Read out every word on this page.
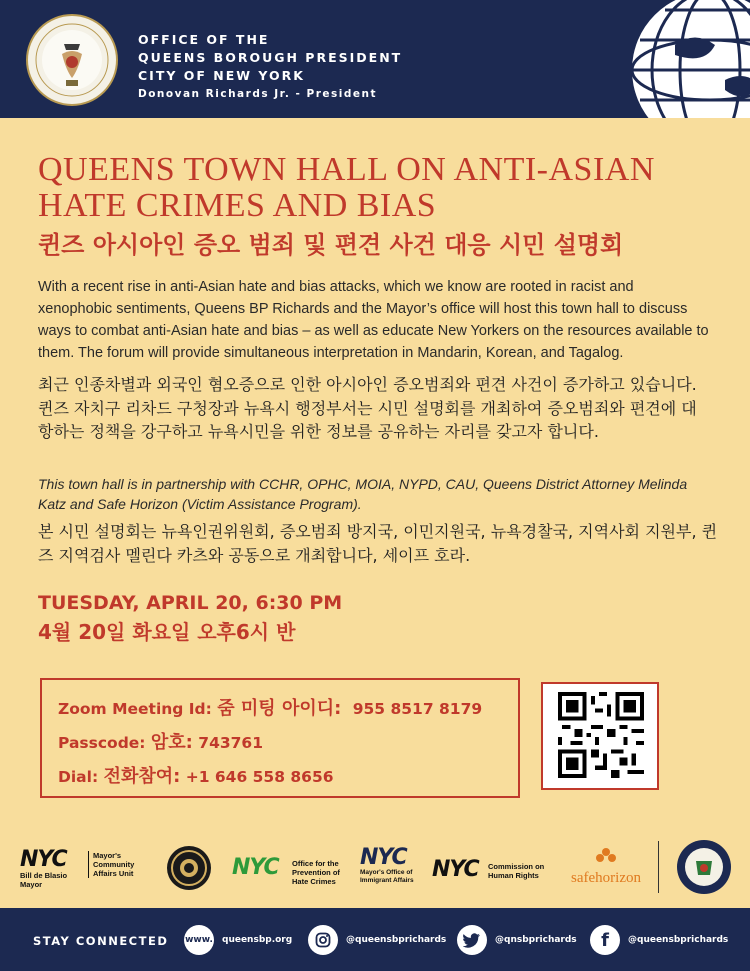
OFFICE OF THE
QUEENS BOROUGH PRESIDENT
CITY OF NEW YORK
Donovan Richards Jr. - President
QUEENS TOWN HALL ON ANTI-ASIAN HATE CRIMES AND BIAS
퀸즈 아시아인 증오 범죄 및 편견 사건 대응 시민 설명회
With a recent rise in anti-Asian hate and bias attacks, which we know are rooted in racist and xenophobic sentiments, Queens BP Richards and the Mayor’s office will host this town hall to discuss ways to combat anti-Asian hate and bias – as well as educate New Yorkers on the resources available to them. The forum will provide simultaneous interpretation in Mandarin, Korean, and Tagalog.
최근 인종차별과 외국인 혐오증으로 인한 아시아인 증오범죄와 편견 사건이 증가하고 있습니다. 퀸즈 자치구 리차드 구청장과 뉴욕시 행정부서는 시민 설명회를 개최하여 증오범죄와 편견에 대항하는 정책을 강구하고 뉴욕시민을 위한 정보를 공유하는 자리를 갖고자 합니다.
This town hall is in partnership with CCHR, OPHC, MOIA, NYPD, CAU, Queens District Attorney Melinda Katz and Safe Horizon (Victim Assistance Program).
본 시민 설명회는 뉴욕인권위원회, 증오범죄 방지국, 이민지원국, 뉴욕경찰국, 지역사회 지원부, 퀸즈 지역검사 멜린다 카츠와 공동으로 개최합니다, 세이프 호라.
TUESDAY, APRIL 20, 6:30 PM
4월 20일 화요일 오후6시 반
Zoom Meeting Id: 줌 미팅 아이디: 955 8517 8179
Passcode: 암호: 743761
Dial: 전화참여: +1 646 558 8656
NYC
Bill de Blasio
Mayor
Mayor's Community Affairs Unit	NYC Office for the Prevention of Hate Crimes
NYC
Mayor's Office of Immigrant Affairs NYC Commission on Human Rights	safehorizon
STAY CONNECTED www. queensbp.org	@queensbprichards	@qnsbprichards	f	@queensbprichards
